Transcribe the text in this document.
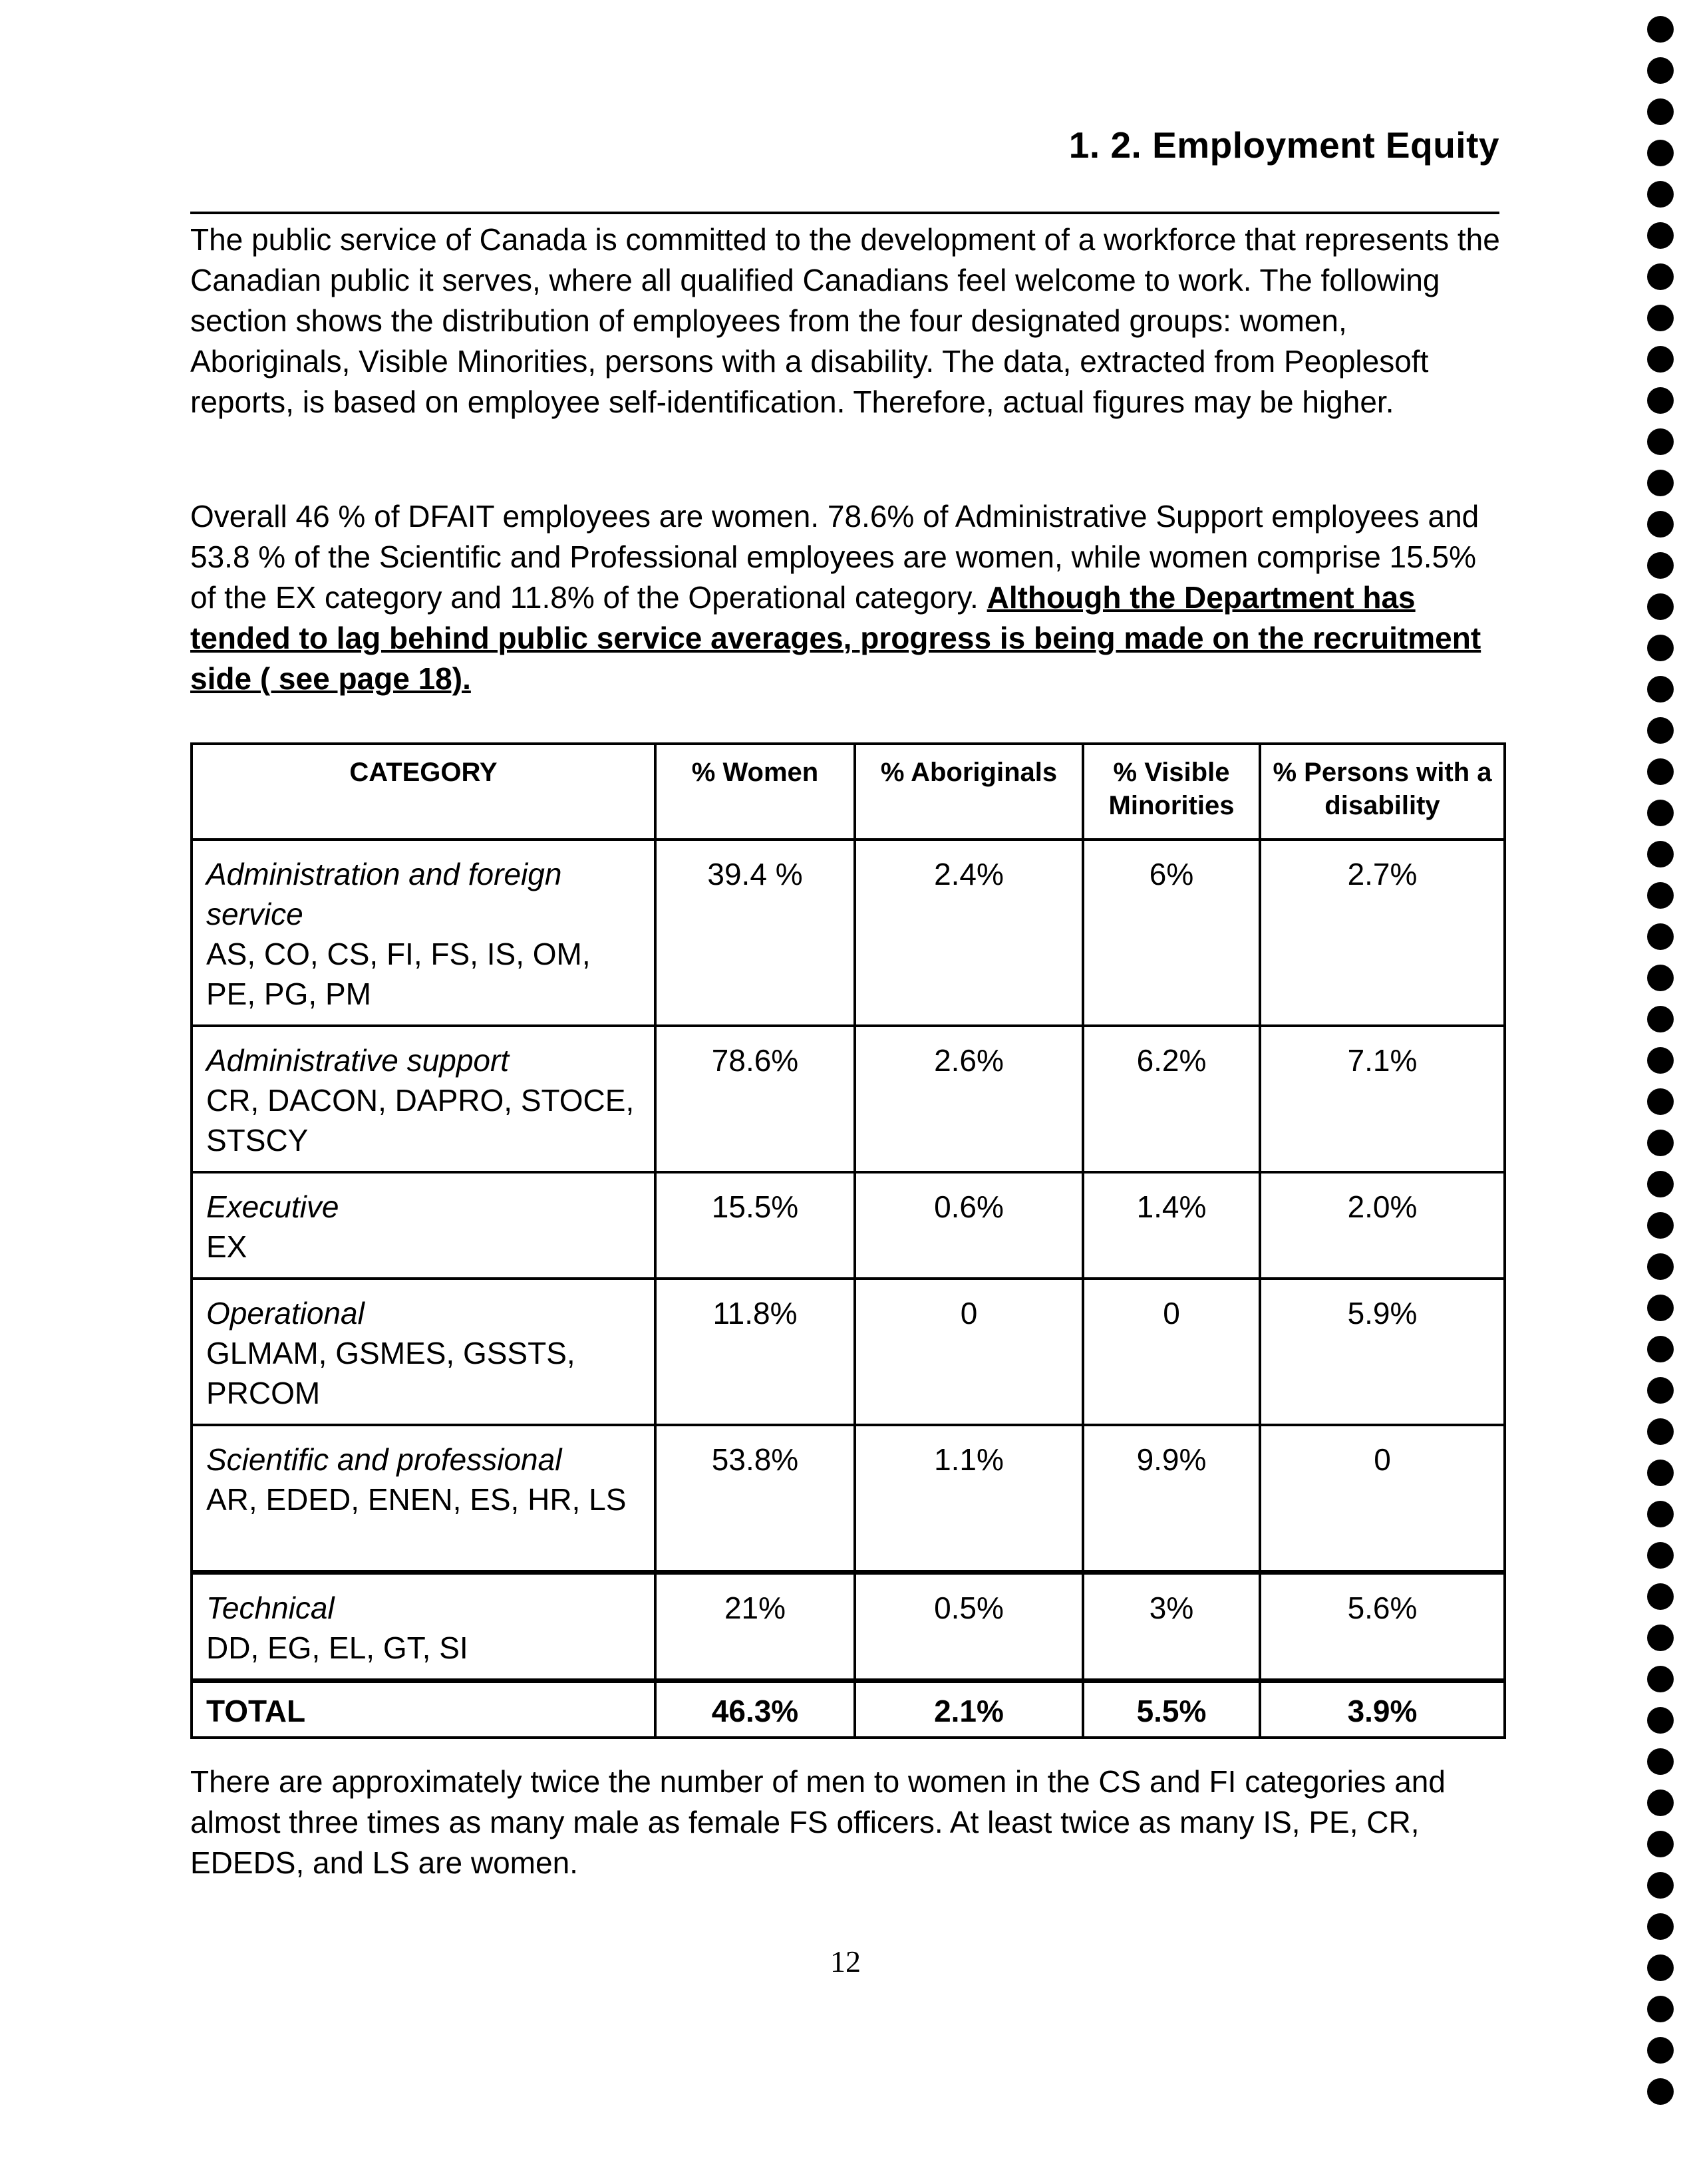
1. 2. Employment Equity

The public service of Canada is committed to the development of a workforce that represents the Canadian public it serves, where all qualified Canadians feel welcome to work. The following section shows the distribution of employees from the four designated groups: women, Aboriginals, Visible Minorities, persons with a disability. The data, extracted from Peoplesoft reports, is based on employee self-identification. Therefore, actual figures may be higher.

Overall 46 % of DFAIT employees are women. 78.6% of Administrative Support employees and 53.8 % of the Scientific and Professional employees are women, while women comprise 15.5% of the EX category and 11.8% of the Operational category. Although the Department has tended to lag behind public service averages, progress is being made on the recruitment side ( see page 18).

CATEGORY	% Women	% Aboriginals	% Visible Minorities	% Persons with a disability

Administration and foreign service
AS, CO, CS, FI, FS, IS, OM, PE, PG, PM	39.4 %	2.4%	6%	2.7%

Administrative support
CR, DACON, DAPRO, STOCE, STSCY	78.6%	2.6%	6.2%	7.1%

Executive
EX	15.5%	0.6%	1.4%	2.0%

Operational
GLMAM, GSMES, GSSTS, PRCOM	11.8%	0	0	5.9%

Scientific and professional
AR, EDED, ENEN, ES, HR, LS	53.8%	1.1%	9.9%	0

Technical
DD, EG, EL, GT, SI	21%	0.5%	3%	5.6%
TOTAL	46.3%	2.1%	5.5%	3.9%

There are approximately twice the number of men to women in the CS and FI categories and almost three times as many male as female FS officers. At least twice as many IS, PE, CR, EDEDS, and LS are women.

12
